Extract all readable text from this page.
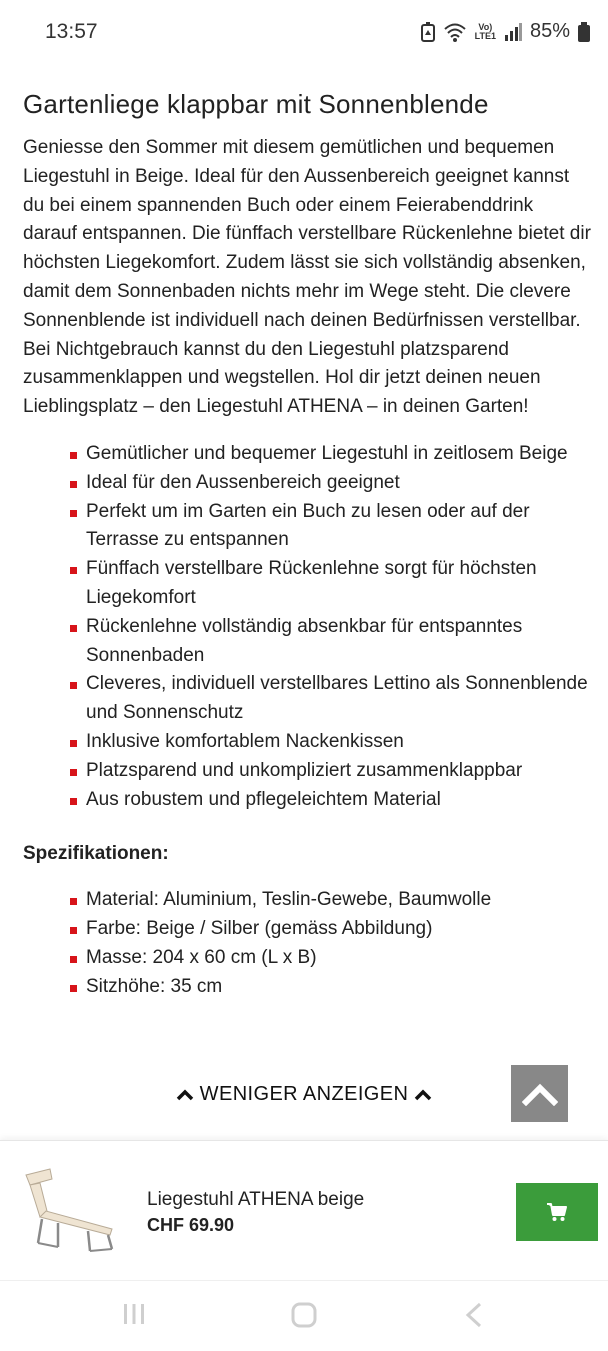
13:57	Vo)
LTE1 85%
Gartenliege klappbar mit Sonnenblende

Geniesse den Sommer mit diesem gemütlichen und bequemen Liegestuhl in Beige. Ideal für den Aussenbereich geeignet kannst du bei einem spannenden Buch oder einem Feierabenddrink darauf entspannen. Die fünffach verstellbare Rückenlehne bietet dir höchsten Liegekomfort. Zudem lässt sie sich vollständig absenken, damit dem Sonnenbaden nichts mehr im Wege steht. Die clevere Sonnenblende ist individuell nach deinen Bedürfnissen verstellbar. Bei Nichtgebrauch kannst du den Liegestuhl platzsparend zusammenklappen und wegstellen. Hol dir jetzt deinen neuen Lieblingsplatz – den Liegestuhl ATHENA – in deinen Garten!

Gemütlicher und bequemer Liegestuhl in zeitlosem Beige
Ideal für den Aussenbereich geeignet
Perfekt um im Garten ein Buch zu lesen oder auf der Terrasse zu entspannen
Fünffach verstellbare Rückenlehne sorgt für höchsten Liegekomfort
Rückenlehne vollständig absenkbar für entspanntes Sonnenbaden
Cleveres, individuell verstellbares Lettino als Sonnenblende und Sonnenschutz
Inklusive komfortablem Nackenkissen
Platzsparend und unkompliziert zusammenklappbar
Aus robustem und pflegeleichtem Material
Spezifikationen:
Material: Aluminium, Teslin-Gewebe, Baumwolle
Farbe: Beige / Silber (gemäss Abbildung)
Masse: 204 x 60 cm (L x B)
Sitzhöhe: 35 cm
WENIGER ANZEIGEN
Liegestuhl ATHENA beige
CHF 69.90
